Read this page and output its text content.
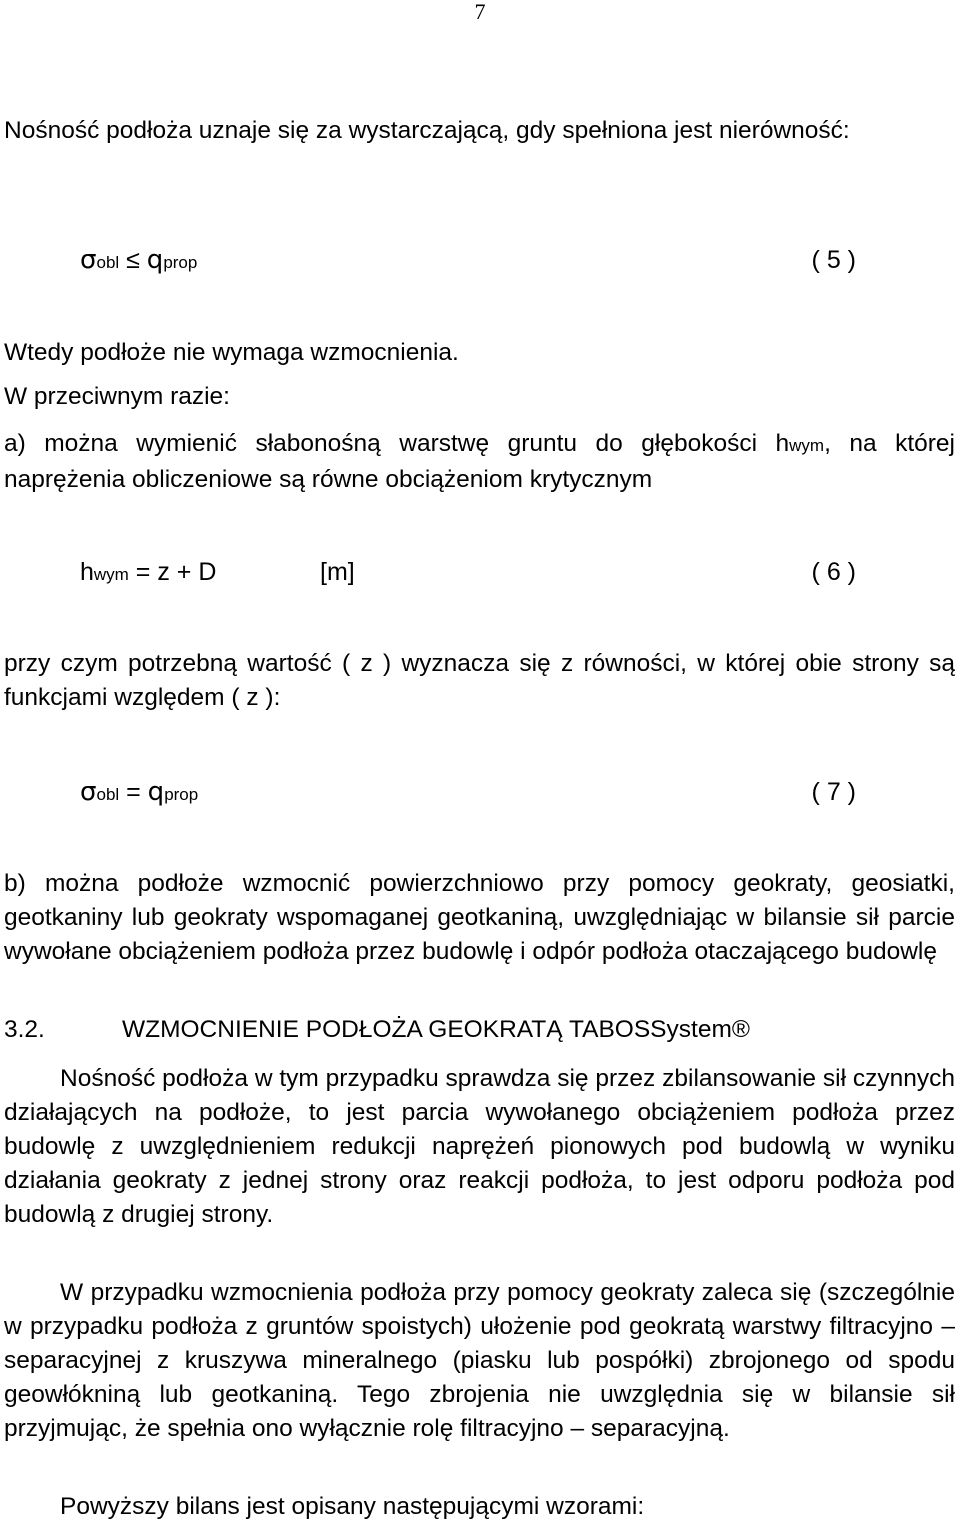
7
Nośność podłoża uznaje się za wystarczającą, gdy spełniona jest nierówność:
σobl ≤ qprop	( 5 )
Wtedy podłoże nie wymaga wzmocnienia.
W przeciwnym razie:
a) można wymienić słabonośną warstwę gruntu do głębokości hwym, na której naprężenia obliczeniowe są równe obciążeniom krytycznym
hwym = z + D	[m]	( 6 )
przy czym potrzebną wartość ( z ) wyznacza się z równości, w której obie strony są funkcjami względem ( z ):
σobl = qprop	( 7 )
b) można podłoże wzmocnić powierzchniowo przy pomocy geokraty, geosiatki, geotkaniny lub geokraty wspomaganej geotkaniną, uwzględniając w bilansie sił parcie wywołane obciążeniem podłoża przez budowlę i odpór podłoża otaczającego budowlę
3.2.	WZMOCNIENIE PODŁOŻA GEOKRATĄ TABOSSystem®
Nośność podłoża w tym przypadku sprawdza się przez zbilansowanie sił czynnych działających na podłoże, to jest parcia wywołanego obciążeniem podłoża przez budowlę z uwzględnieniem redukcji naprężeń pionowych pod budowlą w wyniku działania geokraty z jednej strony oraz reakcji podłoża, to jest odporu podłoża pod budowlą z drugiej strony.
W przypadku wzmocnienia podłoża przy pomocy geokraty zaleca się (szczególnie w przypadku podłoża z gruntów spoistych) ułożenie pod geokratą warstwy filtracyjno – separacyjnej z kruszywa mineralnego (piasku lub pospółki) zbrojonego od spodu geowłókniną lub geotkaniną. Tego zbrojenia nie uwzględnia się w bilansie sił przyjmując, że spełnia ono wyłącznie rolę filtracyjno – separacyjną.
Powyższy bilans jest opisany następującymi wzorami:
